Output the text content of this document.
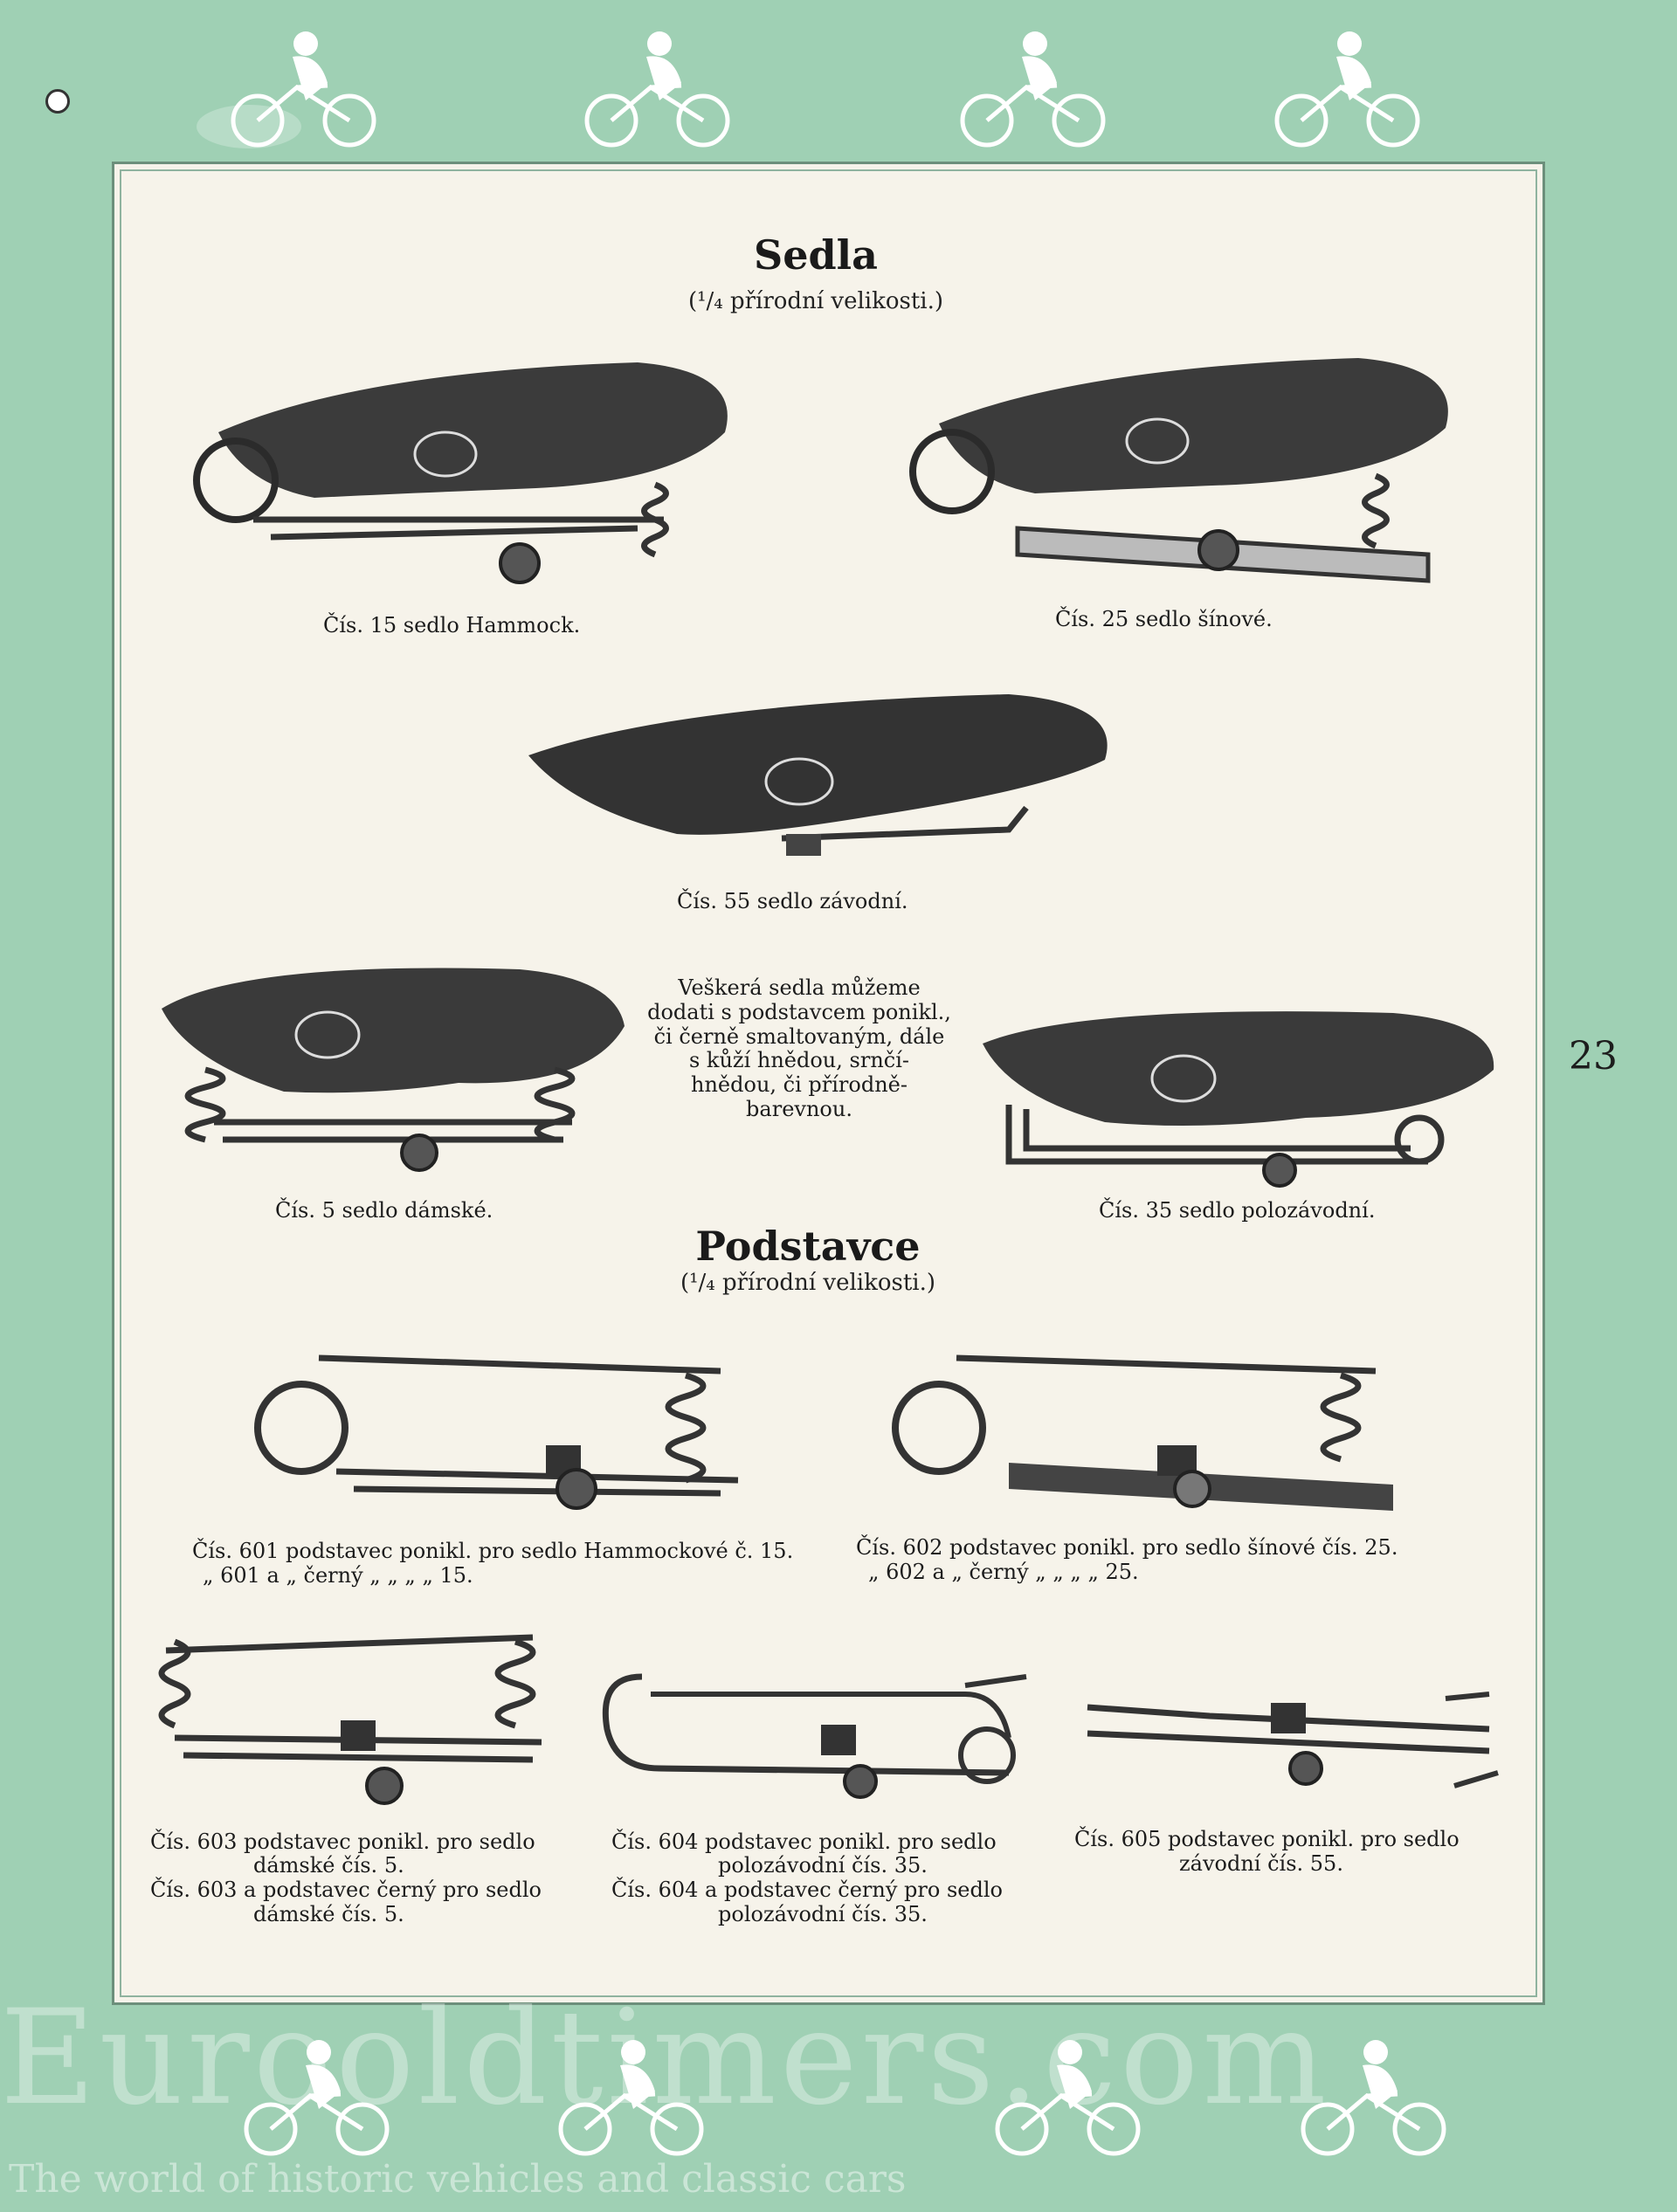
Sedla
(¹/₄ přírodní velikosti.)
Čís. 15 sedlo Hammock.	Čís. 25 sedlo šínové.
Čís. 55 sedlo závodní.
Čís. 5 sedlo dámské.
Veškerá sedla můžeme dodati s podstavcem ponikl., či černě smaltovaným, dále s kůží hnědou, srnčí-hnědou, či přírodně-barevnou.
Čís. 35 sedlo polozávodní.
Podstavce
(¹/₄ přírodní velikosti.)
Čís. 601 podstavec ponikl. pro sedlo Hammockové č. 15.
„ 601 a „ černý „ „ „ „ 15.
Čís. 602 podstavec ponikl. pro sedlo šínové čís. 25.
„ 602 a „ černý „ „ „ „ 25.
Čís. 603 podstavec ponikl. pro sedlo
dámské čís. 5.
Čís. 603 a podstavec černý pro sedlo
dámské čís. 5.
Čís. 604 podstavec ponikl. pro sedlo
polozávodní čís. 35.
Čís. 604 a podstavec černý pro sedlo
polozávodní čís. 35.
Čís. 605 podstavec ponikl. pro sedlo
závodní čís. 55.
23
Eurooldtimers.com
The world of historic vehicles and classic cars
